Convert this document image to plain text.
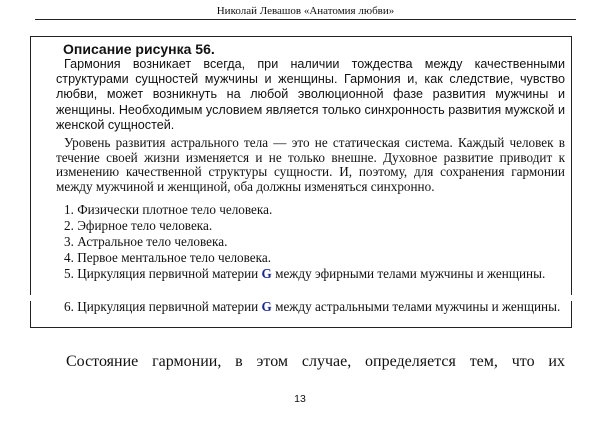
Николай Левашов «Анатомия любви»
Описание рисунка 56.
Гармония возникает всегда, при наличии тождества между качественными структурами сущностей мужчины и женщины. Гармония и, как следствие, чувство любви, может возникнуть на любой эволюционной фазе развития мужчины и женщины. Необходимым условием является только синхронность развития мужской и женской сущностей.
Уровень развития астрального тела — это не статическая система. Каждый человек в течение своей жизни изменяется и не только внешне. Духовное развитие приводит к изменению качественной структуры сущности. И, поэтому, для сохранения гармонии между мужчиной и женщиной, оба должны изменяться синхронно.
1. Физически плотное тело человека.
2. Эфирное тело человека.
3. Астральное тело человека.
4. Первое ментальное тело человека.
5. Циркуляция первичной материи G между эфирными телами мужчины и женщины.
6. Циркуляция первичной материи G между астральными телами мужчины и женщины.
Состояние гармонии, в этом случае, определяется тем, что их
13
